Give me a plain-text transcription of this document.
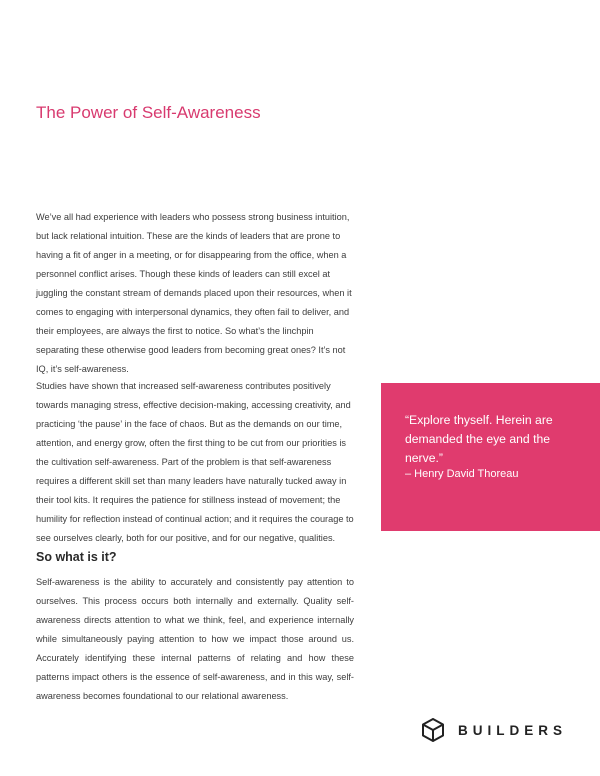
The Power of Self-Awareness

We’ve all had experience with leaders who possess strong business intuition, but lack relational intuition. These are the kinds of leaders that are prone to having a fit of anger in a meeting, or for disappearing from the office, when a personnel conflict arises. Though these kinds of leaders can still excel at juggling the constant stream of demands placed upon their resources, when it comes to engaging with interpersonal dynamics, they often fail to deliver, and their employees, are always the first to notice. So what’s the linchpin separating these otherwise good leaders from becoming great ones? It’s not IQ, it’s self-awareness.

Studies have shown that increased self-awareness contributes positively towards managing stress, effective decision-making, accessing creativity, and practicing ‘the pause’ in the face of chaos. But as the demands on our time, attention, and energy grow, often the first thing to be cut from our priorities is the cultivation self-awareness. Part of the problem is that self-awareness requires a different skill set than many leaders have naturally tucked away in their tool kits. It requires the patience for stillness instead of movement; the humility for reflection instead of continual action; and it requires the courage to see ourselves clearly, both for our positive, and for our negative, qualities.

“Explore thyself. Herein are demanded the eye and the nerve.”

– Henry David Thoreau

So what is it?

Self-awareness is the ability to accurately and consistently pay attention to ourselves. This process occurs both internally and externally. Quality self-awareness directs attention to what we think, feel, and experience internally while simultaneously paying attention to how we impact those around us. Accurately identifying these internal patterns of relating and how these patterns impact others is the essence of self-awareness, and in this way, self-awareness becomes foundational to our relational awareness.

BUILDERS
